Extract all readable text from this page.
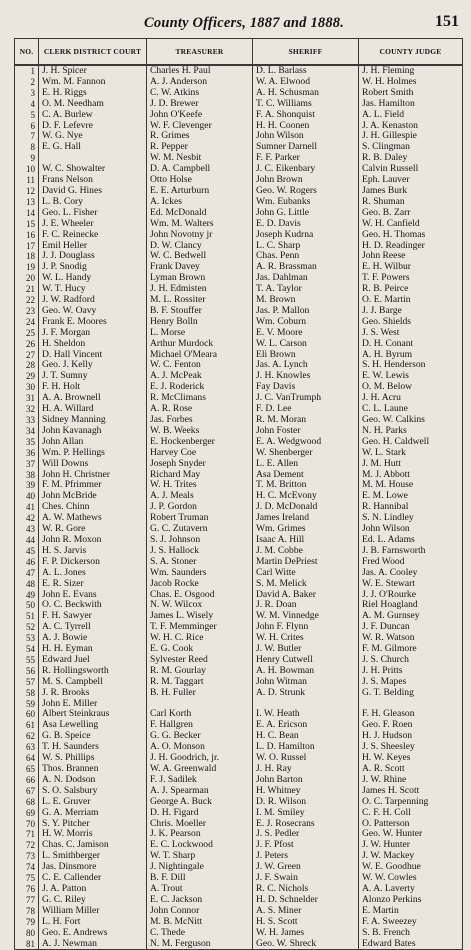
County Officers, 1887 and 1888.	151
NO.	CLERK DISTRICT COURT	TREASURER	SHERIFF	COUNTY JUDGE
1	J. H. Spicer	Charles H. Paul	D. L. Barlass	J. H. Fleming
2	Wm. M. Fannon	A. J. Anderson	W. A. Elwood	W. H. Holmes
3	E. H. Riggs	C. W. Atkins	A. H. Schusman	Robert Smith
4	O. M. Needham	J. D. Brewer	T. C. Williams	Jas. Hamilton
5	C. A. Burlew	John O'Keefe	F. A. Shonquist	A. L. Field
6	D. F. Lefevre	W. F. Clevenger	H. H. Coonen	J. A. Kenaston
7	W. G. Nye	R. Grimes	John Wilson	J. H. Gillespie
8	E. G. Hall	R. Pepper	Sumner Darnell	S. Clingman
9		W. M. Nesbit	F. F. Parker	R. B. Daley
10	W. C. Showalter	D. A. Campbell	J. C. Eikenbary	Calvin Russell
11	Frans Nelson	Otto Holse	John Brown	Eph. Lauver
12	David G. Hines	E. E. Arturburn	Geo. W. Rogers	James Burk
13	L. B. Cory	A. Ickes	Wm. Eubanks	R. Shuman
14	Geo. L. Fisher	Ed. McDonald	John G. Little	Geo. B. Zarr
15	J. E. Wheeler	Wm. M. Walters	E. D. Davis	W. H. Canfield
16	F. C. Reinecke	John Novotny jr	Joseph Kudrna	Geo. H. Thomas
17	Emil Heller	D. W. Clancy	L. C. Sharp	H. D. Readinger
18	J. J. Douglass	W. C. Bedwell	Chas. Penn	John Reese
19	J. P. Snodig	Frank Davey	A. R. Brassman	E. H. Wilbur
20	W. L. Handy	Lyman Brown	Jas. Dahlman	T. F. Powers
21	W. T. Hucy	J. H. Edmisten	T. A. Taylor	R. B. Peirce
22	J. W. Radford	M. L. Rossiter	M. Brown	O. E. Martin
23	Geo. W. Oavy	B. F. Stouffer	Jas. P. Mallon	J. J. Barge
24	Frank E. Moores	Henry Bolln	Wm. Coburn	Geo. Shields
25	J. F. Morgan	L. Morse	E. V. Moore	J. S. West
26	H. Sheldon	Arthur Murdock	W. L. Carson	D. H. Conant
27	D. Hall Vincent	Michael O'Meara	Eli Brown	A. H. Byrum
28	Geo. J. Kelly	W. C. Fenton	Jas. A. Lynch	S. H. Henderson
29	J. T. Sumny	A. J. McPeak	J. H. Knowles	E. W. Lewis
30	F. H. Holt	E. J. Roderick	Fay Davis	O. M. Below
31	A. A. Brownell	R. McClimans	J. C. VanTrumph	J. H. Acru
32	H. A. Willard	A. R. Rose	F. D. Lee	C. L. Laune
33	Sidney Manning	Jas. Forbes	R. M. Moran	Geo. W. Calkins
34	John Kavanagh	W. B. Weeks	John Foster	N. H. Parks
35	John Allan	E. Hockenberger	E. A. Wedgwood	Geo. H. Caldwell
36	Wm. P. Hellings	Harvey Coe	W. Shenberger	W. L. Stark
37	Will Downs	Joseph Snyder	L. E. Allen	J. M. Hutt
38	John H. Christner	Richard May	Asa Dement	M. J. Abbott
39	F. M. Pfrimmer	W. H. Trites	T. M. Britton	M. M. House
40	John McBride	A. J. Meals	H. C. McEvony	E. M. Lowe
41	Ches. Chinn	J. P. Gordon	J. D. McDonald	R. Hannibal
42	A. W. Mathews	Robert Truman	James Ireland	S. N. Lindley
43	W. R. Gore	G. C. Zutavern	Wm. Grimes	John Wilson
44	John R. Moxon	S. J. Johnson	Isaac A. Hill	Ed. L. Adams
45	H. S. Jarvis	J. S. Hallock	J. M. Cobbe	J. B. Farnsworth
46	F. P. Dickerson	S. A. Stoner	Martin DePriest	Fred Wood
47	A. L. Jones	Wm. Saunders	Carl Witte	Jas. A. Cooley
48	E. R. Sizer	Jacob Rocke	S. M. Melick	W. E. Stewart
49	John E. Evans	Chas. E. Osgood	David A. Baker	J. J. O'Rourke
50	O. C. Beckwith	N. W. Wilcox	J. R. Doan	Riel Hoagland
51	F. H. Sawyer	James L. Wisely	W. M. Vinnedge	A. M. Gurnsey
52	A. C. Tyrrell	T. F. Memminger	John F. Flynn	J. F. Duncan
53	A. J. Bowie	W. H. C. Rice	W. H. Crites	W. R. Watson
54	H. H. Eyman	E. G. Cook	J. W. Butler	F. M. Gilmore
55	Edward Juel	Sylvester Reed	Henry Cutwell	J. S. Church
56	R. Hollingsworth	R. M. Gourlay	A. H. Bowman	J. H. Pritts
57	M. S. Campbell	R. M. Taggart	John Witman	J. S. Mapes
58	J. R. Brooks	B. H. Fuller	A. D. Strunk	G. T. Belding
59	John E. Miller			
60	Albert Steinkraus	Carl Korth	I. W. Heath	F. H. Gleason
61	Asa Lewelling	F. Hallgren	E. A. Ericson	Geo. F. Roen
62	G. B. Speice	G. G. Becker	H. C. Bean	H. J. Hudson
63	T. H. Saunders	A. O. Monson	L. D. Hamilton	J. S. Sheesley
64	W. S. Phillips	J. H. Goodrich, jr.	W. O. Russel	H. W. Keyes
65	Thos. Brannen	W. A. Greenwald	J. H. Ray	A. R. Scott
66	A. N. Dodson	F. J. Sadilek	John Barton	J. W. Rhine
67	S. O. Salsbury	A. J. Spearman	H. Whitney	James H. Scott
68	L. E. Gruver	George A. Buck	D. R. Wilson	O. C. Tarpenning
69	G. A. Merriam	D. H. Figard	I. M. Smiley	C. F. H. Coll
70	S. Y. Pitcher	Chris. Moeller	E. J. Rosecrans	O. Patterson
71	H. W. Morris	J. K. Pearson	J. S. Pedler	Geo. W. Hunter
72	Chas. C. Jamison	E. C. Lockwood	J. F. Pfost	J. W. Hunter
73	L. Smithberger	W. T. Sharp	J. Peters	J. W. Mackey
74	Jas. Dinsmore	J. Nightingale	J. W. Green	W. E. Goodhue
75	C. E. Callender	B. F. Dill	J. F. Swain	W. W. Cowles
76	J. A. Patton	A. Trout	R. C. Nichols	A. A. Laverty
77	G. C. Riley	E. C. Jackson	H. D. Schnelder	Alonzo Perkins
78	William Miller	John Connor	A. S. Miner	E. Martin
79	L. H. Fort	M. B. McNitt	H. S. Scott	F. A. Sweezey
80	Geo. E. Andrews	C. Thede	W. H. James	S. B. French
81	A. J. Newman	N. M. Ferguson	Geo. W. Shreck	Edward Bates
